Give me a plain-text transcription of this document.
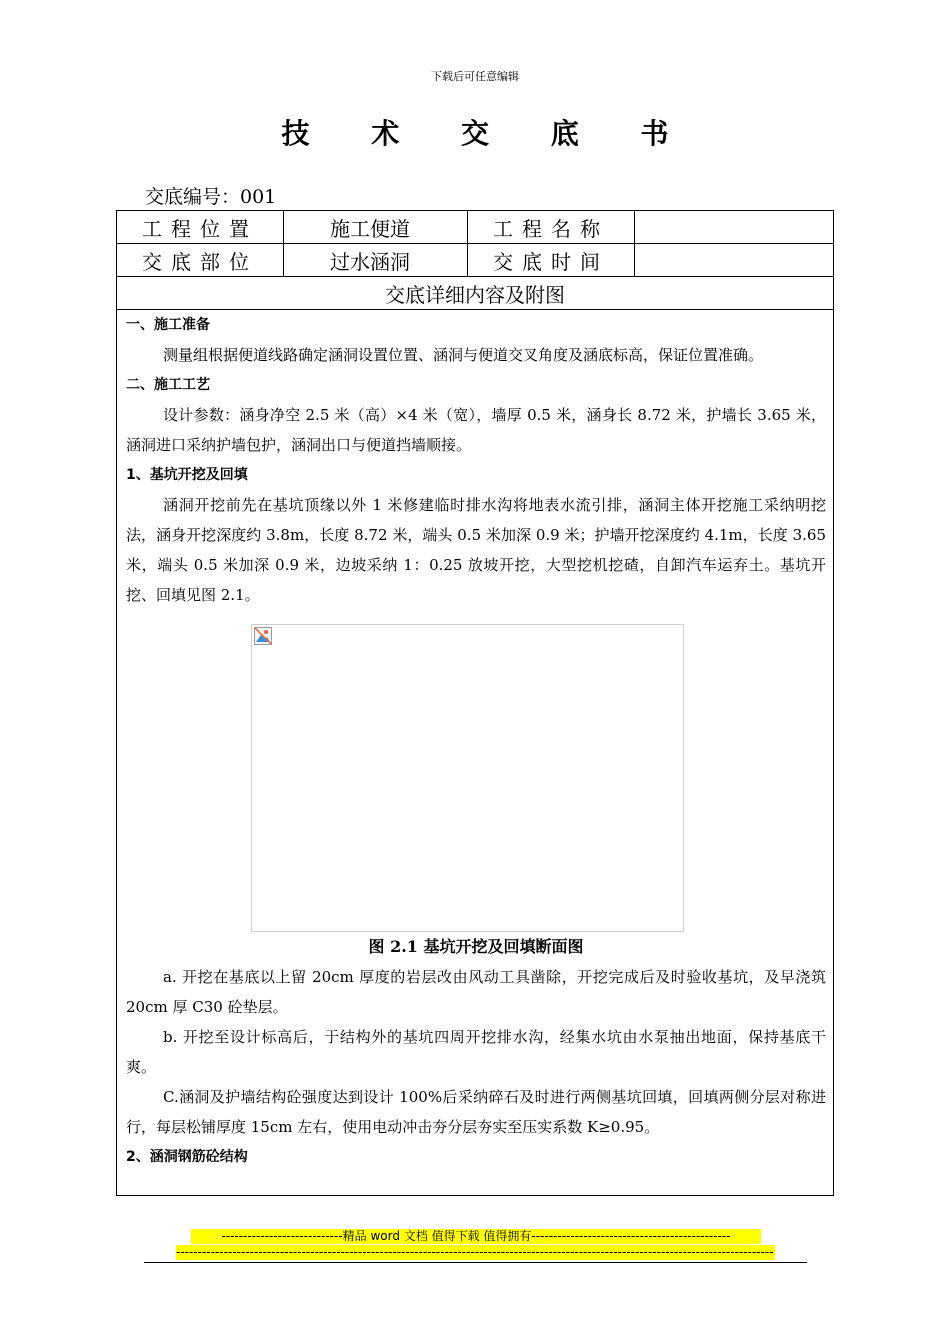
下载后可任意编辑
技 术 交 底 书
交底编号：001
工程位置	施工便道	工程名称
交底部位	过水涵洞	交底时间
交底详细内容及附图

一、施工准备

测量组根据便道线路确定涵洞设置位置、涵洞与便道交叉角度及涵底标高，保证位置准确。

二、施工工艺

设计参数：涵身净空 2.5 米（高）×4 米（宽），墙厚 0.5 米，涵身长 8.72 米，护墙长 3.65 米，涵洞进口采纳护墙包护，涵洞出口与便道挡墙顺接。

1、基坑开挖及回填

涵洞开挖前先在基坑顶缘以外 1 米修建临时排水沟将地表水流引排，涵洞主体开挖施工采纳明挖法，涵身开挖深度约 3.8m，长度 8.72 米，端头 0.5 米加深 0.9 米；护墙开挖深度约 4.1m，长度 3.65 米，端头 0.5 米加深 0.9 米，边坡采纳 1：0.25 放坡开挖，大型挖机挖碴，自卸汽车运弃土。基坑开挖、回填见图 2.1。

图 2.1 基坑开挖及回填断面图

a. 开挖在基底以上留 20cm 厚度的岩层改由风动工具凿除，开挖完成后及时验收基坑，及早浇筑 20cm 厚 C30 砼垫层。

b. 开挖至设计标高后，于结构外的基坑四周开挖排水沟，经集水坑由水泵抽出地面，保持基底干爽。

C.涵洞及护墙结构砼强度达到设计 100%后采纳碎石及时进行两侧基坑回填，回填两侧分层对称进行，每层松铺厚度 15cm 左右，使用电动冲击夯分层夯实至压实系数 K≥0.95。

2、涵洞钢筋砼结构

----------------------------精品 word 文档 值得下载 值得拥有----------------------------------------------
------------------------------------------------------------------------------------------------------------------------------------------
